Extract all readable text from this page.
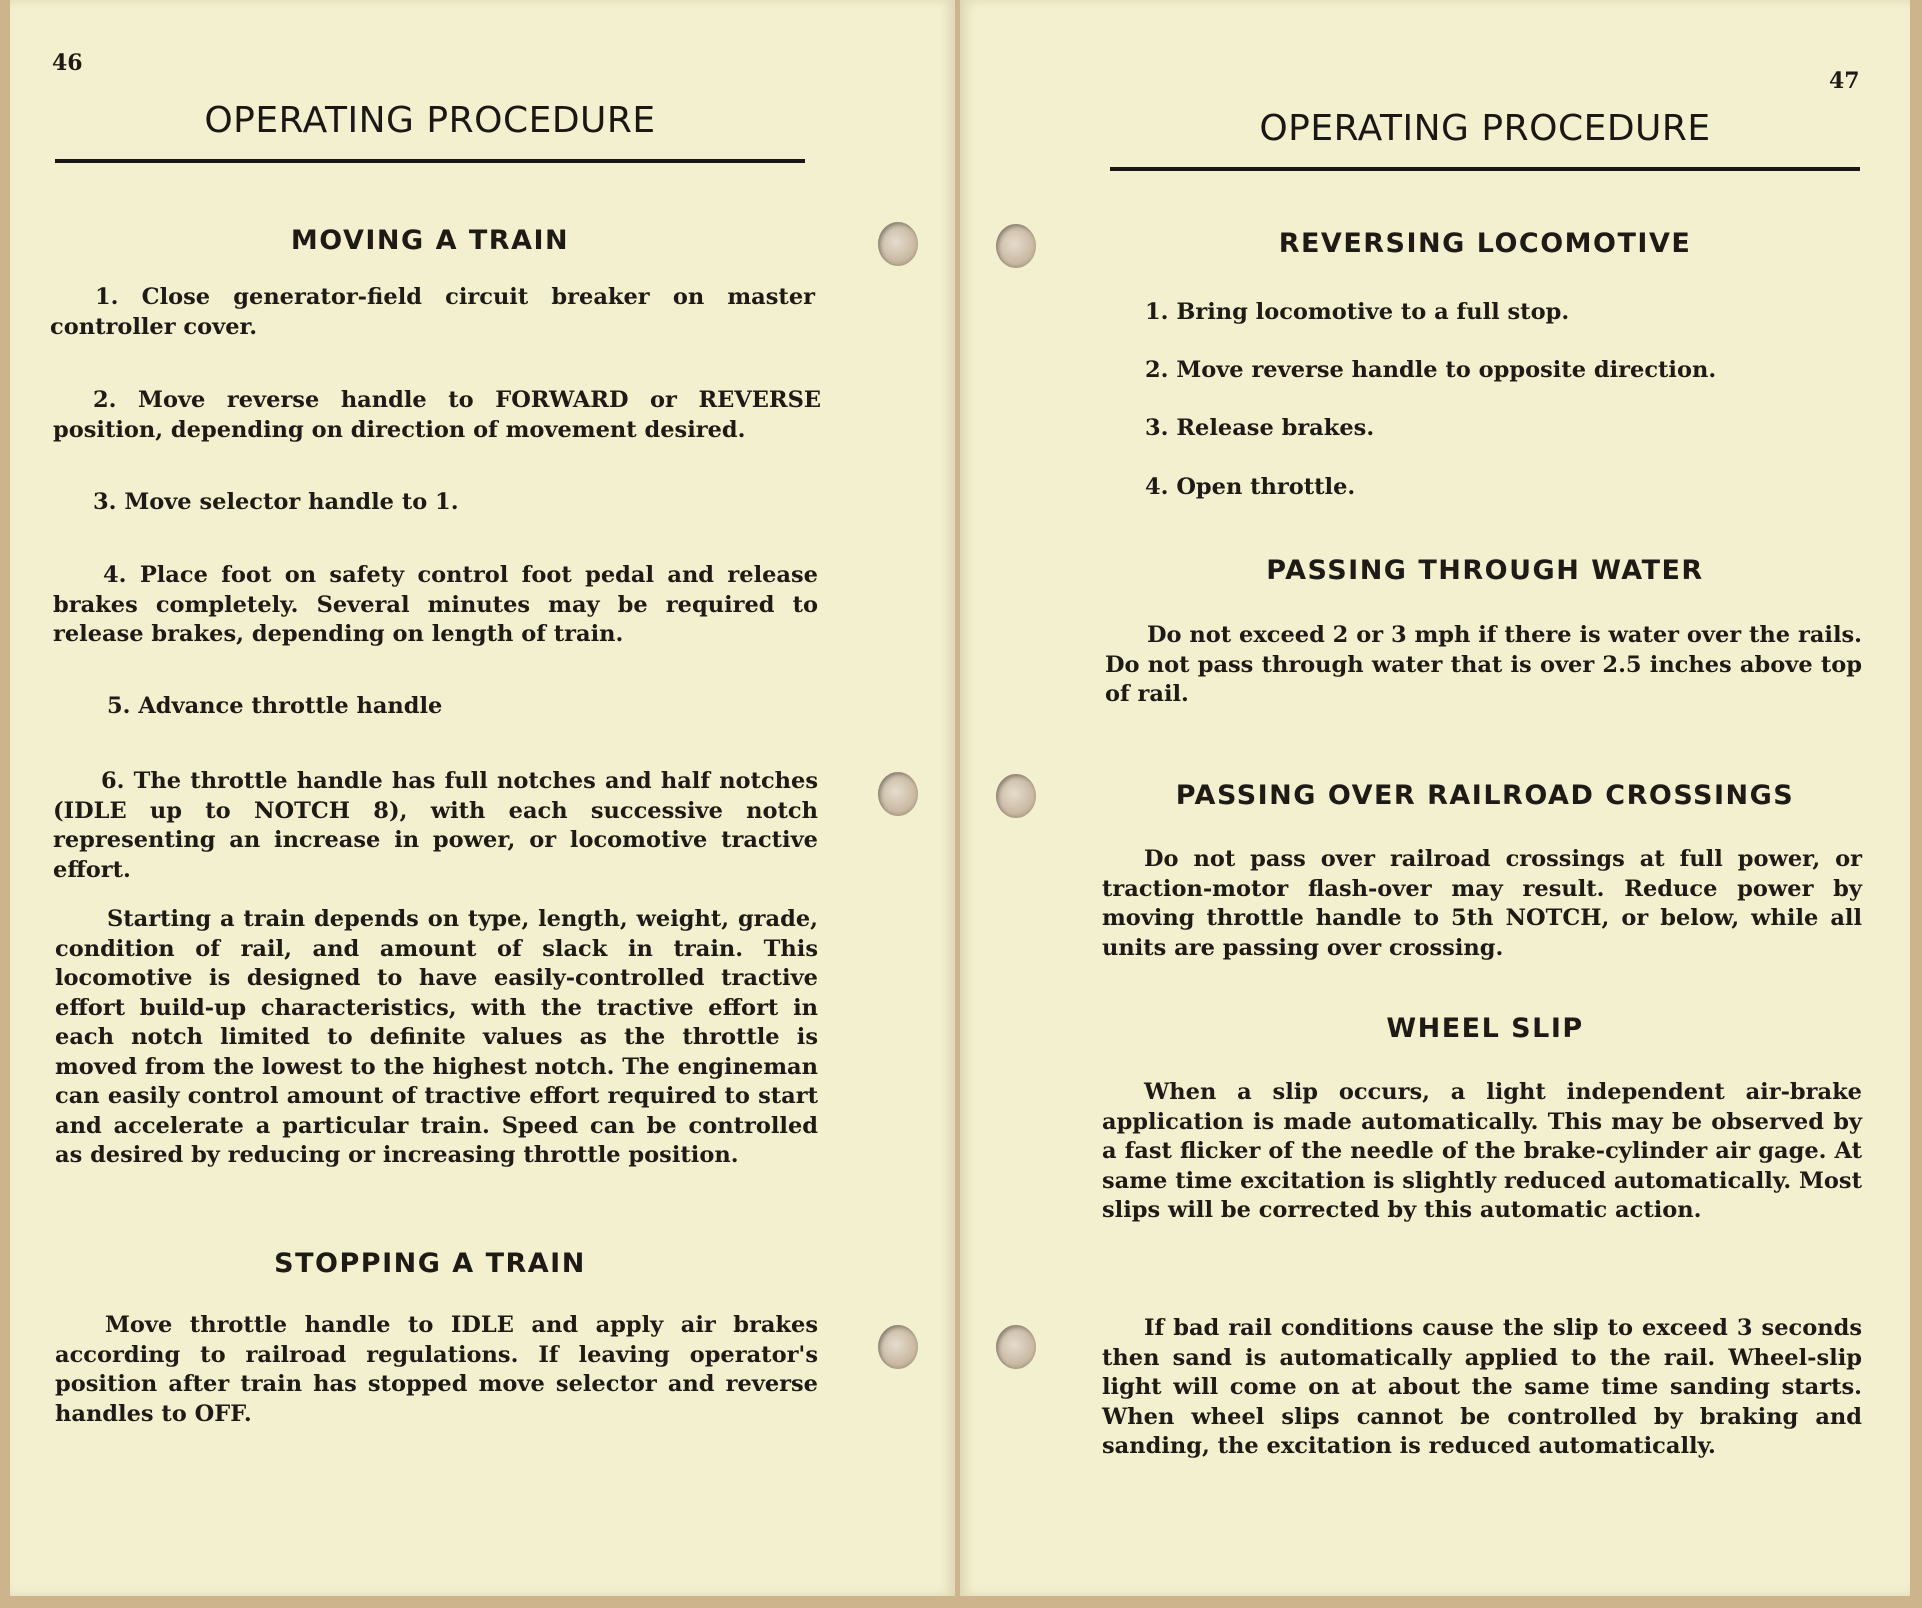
46
OPERATING PROCEDURE
MOVING A TRAIN
1. Close generator-field circuit breaker on master controller cover.
2. Move reverse handle to FORWARD or REVERSE position, depending on direction of movement desired.
3. Move selector handle to 1.
4. Place foot on safety control foot pedal and release brakes completely. Several minutes may be required to release brakes, depending on length of train.
5. Advance throttle handle
6. The throttle handle has full notches and half notches (IDLE up to NOTCH 8), with each successive notch representing an increase in power, or locomotive tractive effort.
Starting a train depends on type, length, weight, grade, condition of rail, and amount of slack in train. This locomotive is designed to have easily-controlled tractive effort build-up characteristics, with the tractive effort in each notch limited to definite values as the throttle is moved from the lowest to the highest notch. The engineman can easily control amount of tractive effort required to start and accelerate a particular train. Speed can be controlled as desired by reducing or increasing throttle position.
STOPPING A TRAIN
Move throttle handle to IDLE and apply air brakes according to railroad regulations. If leaving operator's position after train has stopped move selector and reverse handles to OFF.
47
OPERATING PROCEDURE
REVERSING LOCOMOTIVE
1. Bring locomotive to a full stop.
2. Move reverse handle to opposite direction.
3. Release brakes.
4. Open throttle.
PASSING THROUGH WATER
Do not exceed 2 or 3 mph if there is water over the rails. Do not pass through water that is over 2.5 inches above top of rail.
PASSING OVER RAILROAD CROSSINGS
Do not pass over railroad crossings at full power, or traction-motor flash-over may result. Reduce power by moving throttle handle to 5th NOTCH, or below, while all units are passing over crossing.
WHEEL SLIP
When a slip occurs, a light independent air-brake application is made automatically. This may be observed by a fast flicker of the needle of the brake-cylinder air gage. At same time excitation is slightly reduced automatically. Most slips will be corrected by this automatic action.
If bad rail conditions cause the slip to exceed 3 seconds then sand is automatically applied to the rail. Wheel-slip light will come on at about the same time sanding starts. When wheel slips cannot be controlled by braking and sanding, the excitation is reduced automatically.
